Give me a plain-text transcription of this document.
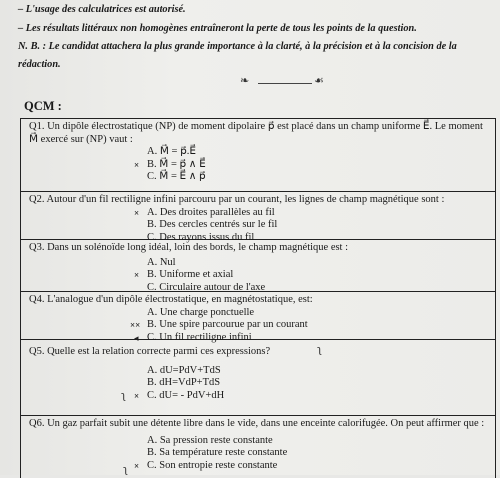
– L'usage des calculatrices est autorisé.
– Les résultats littéraux non homogènes entraîneront la perte de tous les points de la question.
N. B. : Le candidat attachera la plus grande importance à la clarté, à la précision et à la concision de la rédaction.
❧	☙
QCM :
Q1. Un dipôle électrostatique (NP) de moment dipolaire p⃗ est placé dans un champ uniforme E⃗. Le moment M⃗ exercé sur (NP) vaut :
A. M⃗ = p⃗.E⃗
× B. M⃗ = p⃗ ∧ E⃗
C. M⃗ = E⃗ ∧ p⃗
Q2. Autour d'un fil rectiligne infini parcouru par un courant, les lignes de champ magnétique sont :
× A. Des droites parallèles au fil
B. Des cercles centrés sur le fil
C. Des rayons issus du fil
Q3. Dans un solénoïde long idéal, loin des bords, le champ magnétique est :
A. Nul
× B. Uniforme et axial
C. Circulaire autour de l'axe
Q4. L'analogue d'un dipôle électrostatique, en magnétostatique, est:
A. Une charge ponctuelle
×× B. Une spire parcourue par un courant
◂ C. Un fil rectiligne infini
Q5. Quelle est la relation correcte parmi ces expressions?	ʅ
A. dU=PdV+TdS
B. dH=VdP+TdS
× C. dU= - PdV+dH
ʅ
Q6. Un gaz parfait subit une détente libre dans le vide, dans une enceinte calorifugée. On peut affirmer que :
A. Sa pression reste constante
B. Sa température reste constante
× C. Son entropie reste constante
ʅ
